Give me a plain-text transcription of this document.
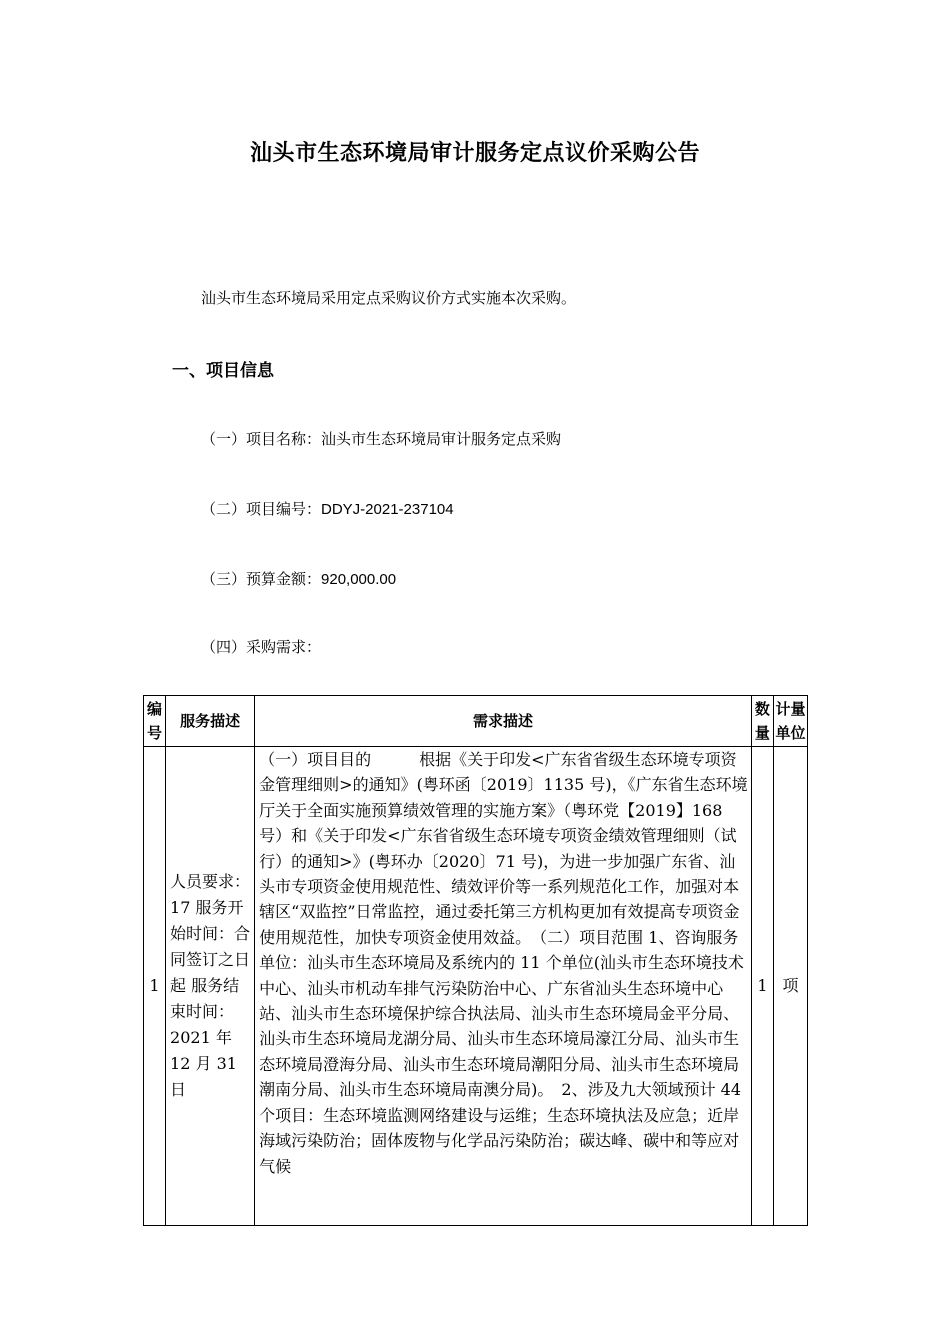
汕头市生态环境局审计服务定点议价采购公告
汕头市生态环境局采用定点采购议价方式实施本次采购。
一、项目信息
（一）项目名称：汕头市生态环境局审计服务定点采购
（二）项目编号：DDYJ-2021-237104
（三）预算金额：920,000.00
（四）采购需求：
编号	服务描述	需求描述	数量	计量单位
1	人员要求：17 服务开始时间：合同签订之日起 服务结束时间：2021 年 12 月 31 日	（一）项目目的　　　根据《关于印发<广东省省级生态环境专项资金管理细则>的通知》(粤环函〔2019〕1135 号)，《广东省生态环境厅关于全面实施预算绩效管理的实施方案》（粤环党【2019】168 号）和《关于印发<广东省省级生态环境专项资金绩效管理细则（试行）的通知>》(粤环办〔2020〕71 号)，为进一步加强广东省、汕头市专项资金使用规范性、绩效评价等一系列规范化工作，加强对本辖区“双监控”日常监控，通过委托第三方机构更加有效提高专项资金使用规范性，加快专项资金使用效益。　（二）项目范围 1、咨询服务单位：汕头市生态环境局及系统内的 11 个单位(汕头市生态环境技术中心、汕头市机动车排气污染防治中心、广东省汕头生态环境中心站、汕头市生态环境保护综合执法局、汕头市生态环境局金平分局、汕头市生态环境局龙湖分局、汕头市生态环境局濠江分局、汕头市生态环境局澄海分局、汕头市生态环境局潮阳分局、汕头市生态环境局潮南分局、汕头市生态环境局南澳分局)。　2、涉及九大领域预计 44 个项目：生态环境监测网络建设与运维；生态环境执法及应急；近岸海域污染防治；固体废物与化学品污染防治；碳达峰、碳中和等应对气候	1	项
